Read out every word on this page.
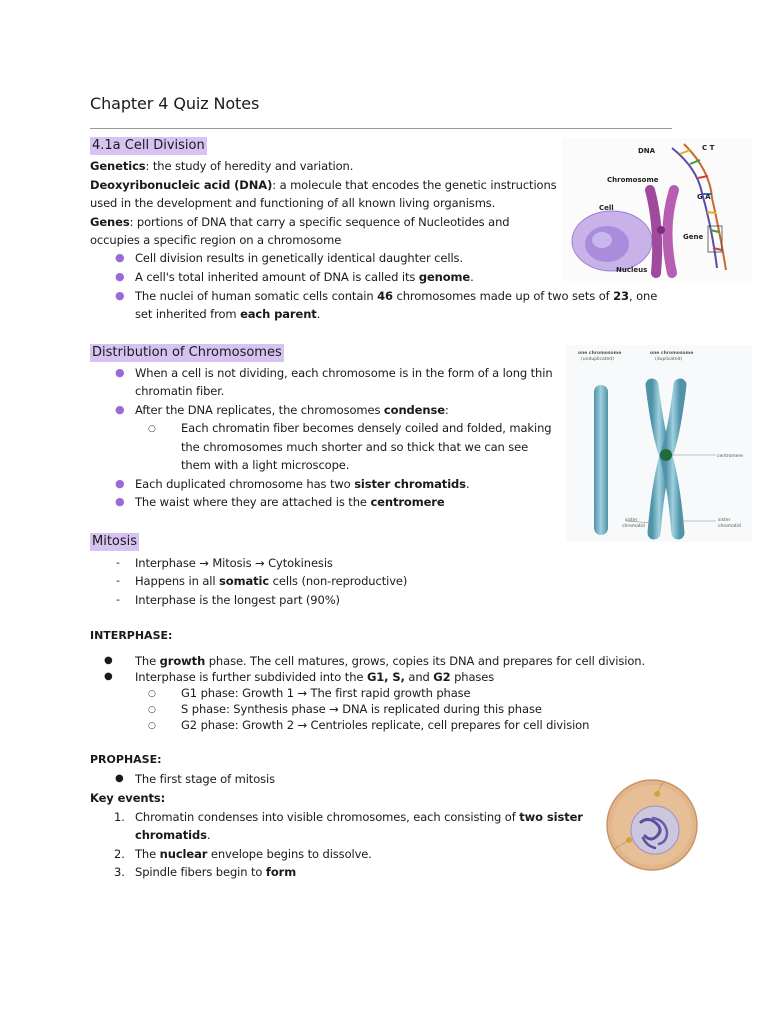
Chapter 4 Quiz Notes
4.1a Cell Division
Genetics: the study of heredity and variation.
Deoxyribonucleic acid (DNA): a molecule that encodes the genetic instructions
used in the development and functioning of all known living organisms.
Genes: portions of DNA that carry a specific sequence of Nucleotides and
occupies a specific region on a chromosome
● Cell division results in genetically identical daughter cells.
● A cell's total inherited amount of DNA is called its genome.
● The nuclei of human somatic cells contain 46 chromosomes made up of two sets of 23, one
set inherited from each parent.
DNA	C T
Chromosome
G A
Cell
Gene
Nucleus
Distribution of Chromosomes
● When a cell is not dividing, each chromosome is in the form of a long thin
chromatin fiber.
● After the DNA replicates, the chromosomes condense:
○ Each chromatin fiber becomes densely coiled and folded, making
the chromosomes much shorter and so thick that we can see
them with a light microscope.
● Each duplicated chromosome has two sister chromatids.
● The waist where they are attached is the centromere
one chromosome
(unduplicated)
one chromosome
(duplicated)
centromere
sister
chromatid
sister
chromatid
Mitosis
- Interphase → Mitosis → Cytokinesis
- Happens in all somatic cells (non-reproductive)
- Interphase is the longest part (90%)
INTERPHASE:
● The growth phase. The cell matures, grows, copies its DNA and prepares for cell division.
● Interphase is further subdivided into the G1, S, and G2 phases
○ G1 phase: Growth 1 → The first rapid growth phase
○ S phase: Synthesis phase → DNA is replicated during this phase
○ G2 phase: Growth 2 → Centrioles replicate, cell prepares for cell division
PROPHASE:
● The first stage of mitosis
Key events:
1. Chromatin condenses into visible chromosomes, each consisting of two sister
chromatids.
2. The nuclear envelope begins to dissolve.
3. Spindle fibers begin to form
